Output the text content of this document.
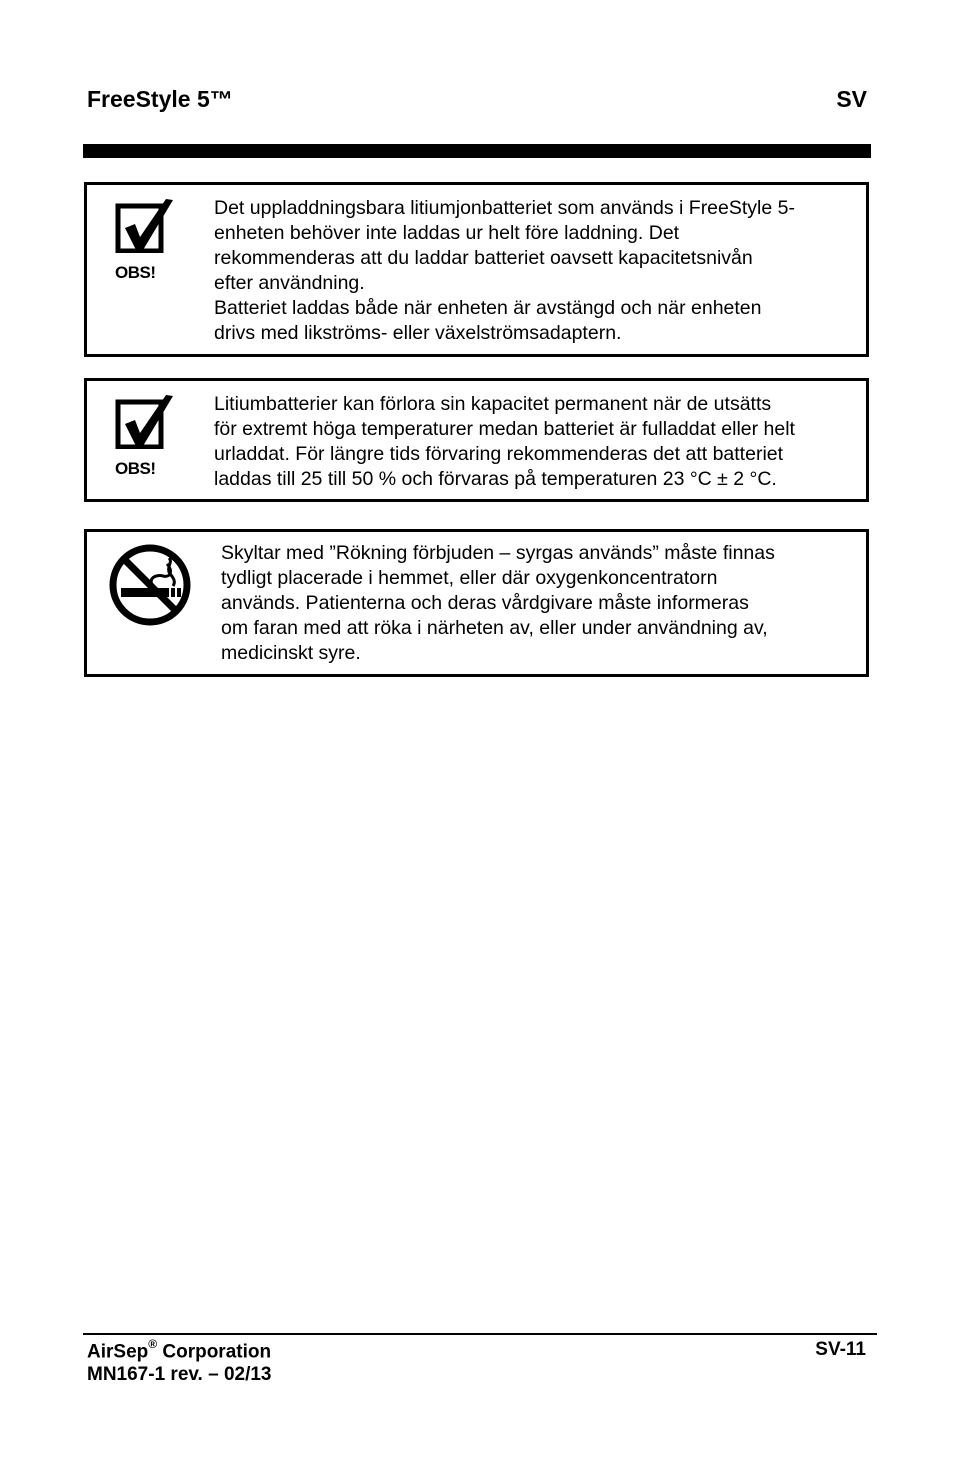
FreeStyle 5™	SV
OBS!
Det uppladdningsbara litiumjonbatteriet som används i FreeStyle 5-
enheten behöver inte laddas ur helt före laddning. Det
rekommenderas att du laddar batteriet oavsett kapacitetsnivån
efter användning.
Batteriet laddas både när enheten är avstängd och när enheten
drivs med likströms- eller växelströmsadaptern.
OBS!
Litiumbatterier kan förlora sin kapacitet permanent när de utsätts
för extremt höga temperaturer medan batteriet är fulladdat eller helt
urladdat. För längre tids förvaring rekommenderas det att batteriet
laddas till 25 till 50 % och förvaras på temperaturen 23 °C ± 2 °C.
Skyltar med ”Rökning förbjuden – syrgas används” måste finnas
tydligt placerade i hemmet, eller där oxygenkoncentratorn
används. Patienterna och deras vårdgivare måste informeras
om faran med att röka i närheten av, eller under användning av,
medicinskt syre.
AirSep® Corporation
MN167-1 rev. – 02/13
SV-11
